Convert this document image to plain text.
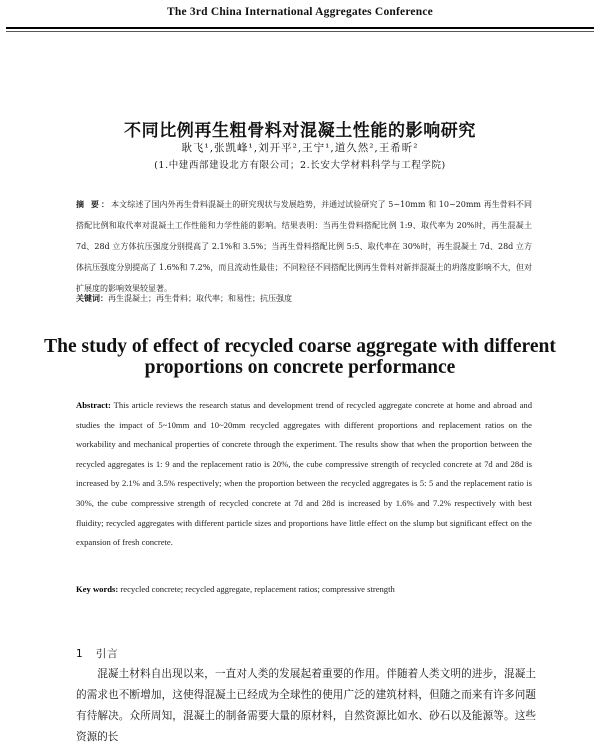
The 3rd China International Aggregates Conference
不同比例再生粗骨料对混凝土性能的影响研究
耿飞¹,张凯峰¹,刘开平²,王宁¹,道久然²,王希昕²
(1.中建西部建设北方有限公司；2.长安大学材料科学与工程学院)
摘 要：本文综述了国内外再生骨料混凝土的研究现状与发展趋势，并通过试验研究了 5~10mm 和 10~20mm 再生骨料不同搭配比例和取代率对混凝土工作性能和力学性能的影响。结果表明：当再生骨料搭配比例 1:9、取代率为 20%时，再生混凝土 7d、28d 立方体抗压强度分别提高了 2.1%和 3.5%；当再生骨料搭配比例 5:5、取代率在 30%时，再生混凝土 7d、28d 立方体抗压强度分别提高了 1.6%和 7.2%，而且流动性最佳；不同粒径不同搭配比例再生骨料对新拌混凝土的坍落度影响不大，但对扩展度的影响效果较显著。
关键词：再生混凝土；再生骨料；取代率；和易性；抗压强度
The study of effect of recycled coarse aggregate with different proportions on concrete performance
Abstract: This article reviews the research status and development trend of recycled aggregate concrete at home and abroad and studies the impact of 5~10mm and 10~20mm recycled aggregates with different proportions and replacement ratios on the workability and mechanical properties of concrete through the experiment. The results show that when the proportion between the recycled aggregates is 1: 9 and the replacement ratio is 20%, the cube compressive strength of recycled concrete at 7d and 28d is increased by 2.1% and 3.5% respectively; when the proportion between the recycled aggregates is 5: 5 and the replacement ratio is 30%, the cube compressive strength of recycled concrete at 7d and 28d is increased by 1.6% and 7.2% respectively with best fluidity; recycled aggregates with different particle sizes and proportions have little effect on the slump but significant effect on the expansion of fresh concrete.
Key words: recycled concrete; recycled aggregate, replacement ratios; compressive strength
1 引言
混凝土材料自出现以来，一直对人类的发展起着重要的作用。伴随着人类文明的进步，混凝土的需求也不断增加，这使得混凝土已经成为全球性的使用广泛的建筑材料，但随之而来有许多问题有待解决。众所周知，混凝土的制备需要大量的原材料，自然资源比如水、砂石以及能源等。这些资源的长
